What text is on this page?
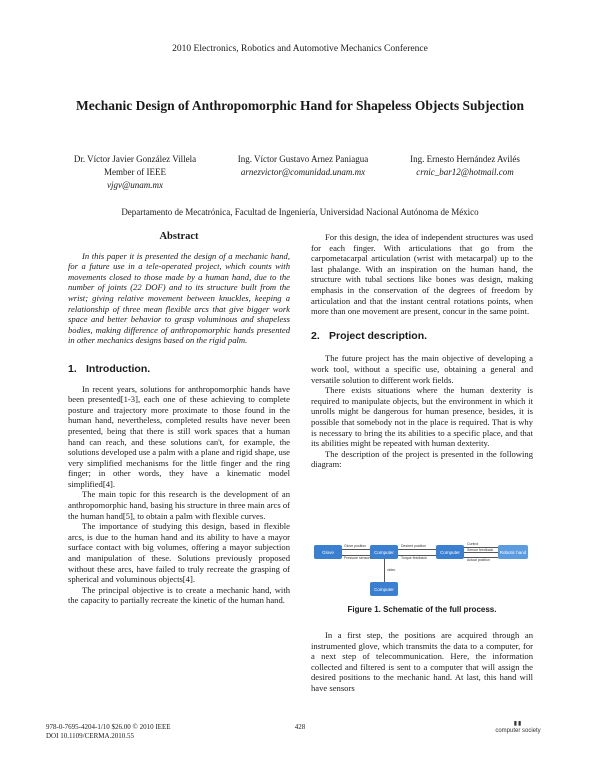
2010 Electronics, Robotics and Automotive Mechanics Conference
Mechanic Design of Anthropomorphic Hand for Shapeless Objects Subjection
Dr. Víctor Javier González Villela
Member of IEEE
vjgv@unam.mx
Ing. Víctor Gustavo Arnez Paniagua
arnezvictor@comunidad.unam.mx
Ing. Ernesto Hernández Avilés
crnic_bar12@hotmail.com
Departamento de Mecatrónica, Facultad de Ingeniería, Universidad Nacional Autónoma de México
Abstract

In this paper it is presented the design of a mechanic hand, for a future use in a tele-operated project, which counts with movements closed to those made by a human hand, due to the number of joints (22 DOF) and to its structure built from the wrist; giving relative movement between knuckles, keeping a relationship of three mean flexible arcs that give bigger work space and better behavior to grasp voluminous and shapeless bodies, making difference of anthropomorphic hands presented in other mechanics designs based on the rigid palm.

1. Introduction.

In recent years, solutions for anthropomorphic hands have been presented[1-3], each one of these achieving to complete posture and trajectory more proximate to those found in the human hand, nevertheless, completed results have never been presented, being that there is still work spaces that a human hand can reach, and these solutions can't, for example, the solutions developed use a palm with a plane and rigid shape, use very simplified mechanisms for the little finger and the ring finger; in other words, they have a kinematic model simplified[4].

The main topic for this research is the development of an anthropomorphic hand, basing his structure in three main arcs of the human hand[5], to obtain a palm with flexible curves.

The importance of studying this design, based in flexible arcs, is due to the human hand and its ability to have a mayor surface contact with big volumes, offering a mayor subjection and manipulation of these. Solutions previously proposed without these arcs, have failed to truly recreate the grasping of spherical and voluminous objects[4].

The principal objective is to create a mechanic hand, with the capacity to partially recreate the kinetic of the human hand.

For this design, the idea of independent structures was used for each finger. With articulations that go from the carpometacarpal articulation (wrist with metacarpal) up to the last phalange. With an inspiration on the human hand, the structure with tubal sections like bones was design, making emphasis in the conservation of the degrees of freedom by articulation and that the instant central rotations points, when more than one movement are present, concur in the same point.

2. Project description.

The future project has the main objective of developing a work tool, without a specific use, obtaining a general and versatile solution to different work fields.

There exists situations where the human dexterity is required to manipulate objects, but the environment in which it unrolls might be dangerous for human presence, besides, it is possible that somebody not in the place is required. That is why is necessary to bring the its abilities to a specific place, and that its abilities might be repeated with human dexterity.

The description of the project is presented in the following diagram:

Glove	Computer	Computer	Robotic hand
Computer
Glove position
Pressure sensors
Desired position
Torque feedback
Control
Sensor feedback
Actual position
video
Figure 1. Schematic of the full process.

In a first step, the positions are acquired through an instrumented glove, which transmits the data to a computer, for a next step of telecommunication. Here, the information collected and filtered is sent to a computer that will assign the desired positions to the mechanic hand. At last, this hand will have sensors

978-0-7695-4204-1/10 $26.00 © 2010 IEEE
DOI 10.1109/CERMA.2010.55
428	▮▮
computer society
